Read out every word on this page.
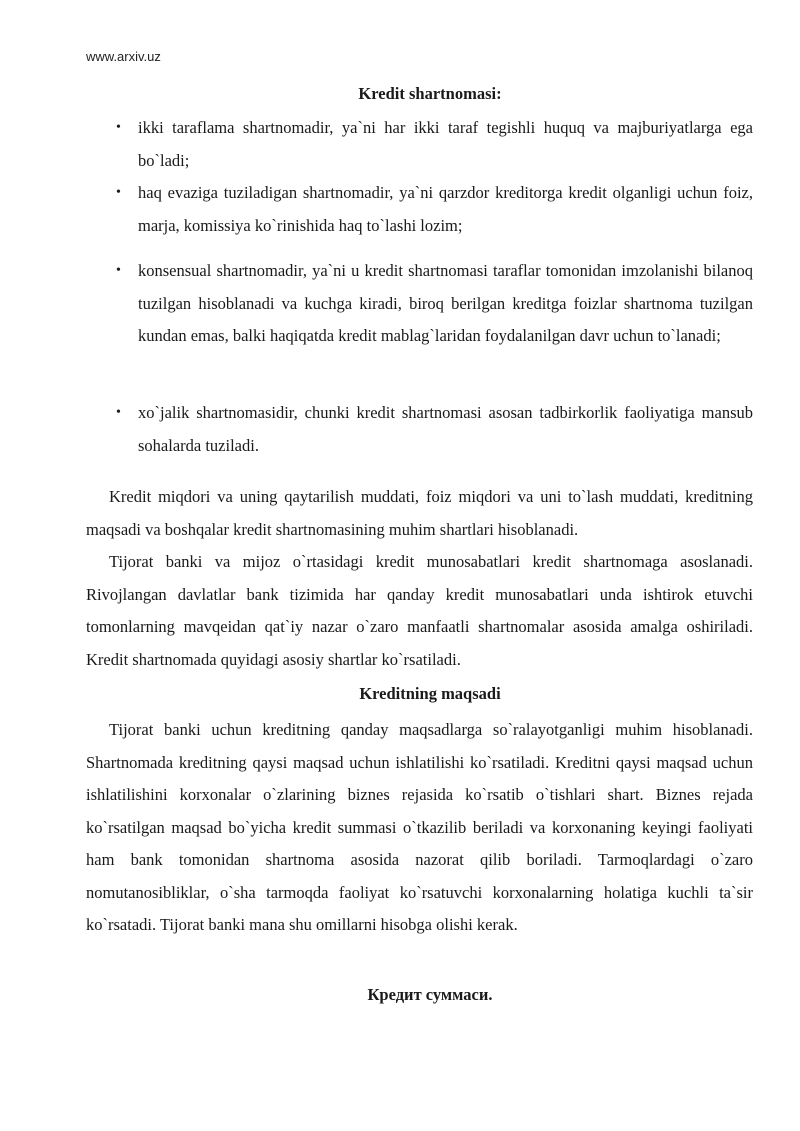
www.arxiv.uz
Kredit shartnomasi:
•	ikki taraflama shartnomadir, ya`ni har ikki taraf tegishli huquq va majburiyatlarga ega bo`ladi;
•	haq evaziga tuziladigan shartnomadir, ya`ni qarzdor kreditorga kredit olganligi uchun foiz, marja, komissiya ko`rinishida haq to`lashi lozim;
•	konsensual shartnomadir, ya`ni u kredit shartnomasi taraflar tomonidan imzolanishi bilanoq tuzilgan hisoblanadi va kuchga kiradi, biroq berilgan kreditga foizlar shartnoma tuzilgan kundan emas, balki haqiqatda kredit mablag`laridan foydalanilgan davr uchun to`lanadi;
•	xo`jalik shartnomasidir, chunki kredit shartnomasi asosan tadbirkorlik faoliyatiga mansub sohalarda tuziladi.
Kredit miqdori va uning qaytarilish muddati, foiz miqdori va uni to`lash muddati, kreditning maqsadi va boshqalar kredit shartnomasining muhim shartlari hisoblanadi.
Tijorat banki va mijoz o`rtasidagi kredit munosabatlari kredit shartnomaga asoslanadi. Rivojlangan davlatlar bank tizimida har qanday kredit munosabatlari unda ishtirok etuvchi tomonlarning mavqeidan qat`iy nazar o`zaro manfaatli shartnomalar asosida amalga oshiriladi. Kredit shartnomada quyidagi asosiy shartlar ko`rsatiladi.
Kreditning maqsadi
Tijorat banki uchun kreditning qanday maqsadlarga so`ralayotganligi muhim hisoblanadi. Shartnomada kreditning qaysi maqsad uchun ishlatilishi ko`rsatiladi. Kreditni qaysi maqsad uchun ishlatilishini korxonalar o`zlarining biznes rejasida ko`rsatib o`tishlari shart. Biznes rejada ko`rsatilgan maqsad bo`yicha kredit summasi o`tkazilib beriladi va korxonaning keyingi faoliyati ham bank tomonidan shartnoma asosida nazorat qilib boriladi. Tarmoqlardagi o`zaro nomutanosibliklar, o`sha tarmoqda faoliyat ko`rsatuvchi korxonalarning holatiga kuchli ta`sir ko`rsatadi. Tijorat banki mana shu omillarni hisobga olishi kerak.
Кредит суммаси.
